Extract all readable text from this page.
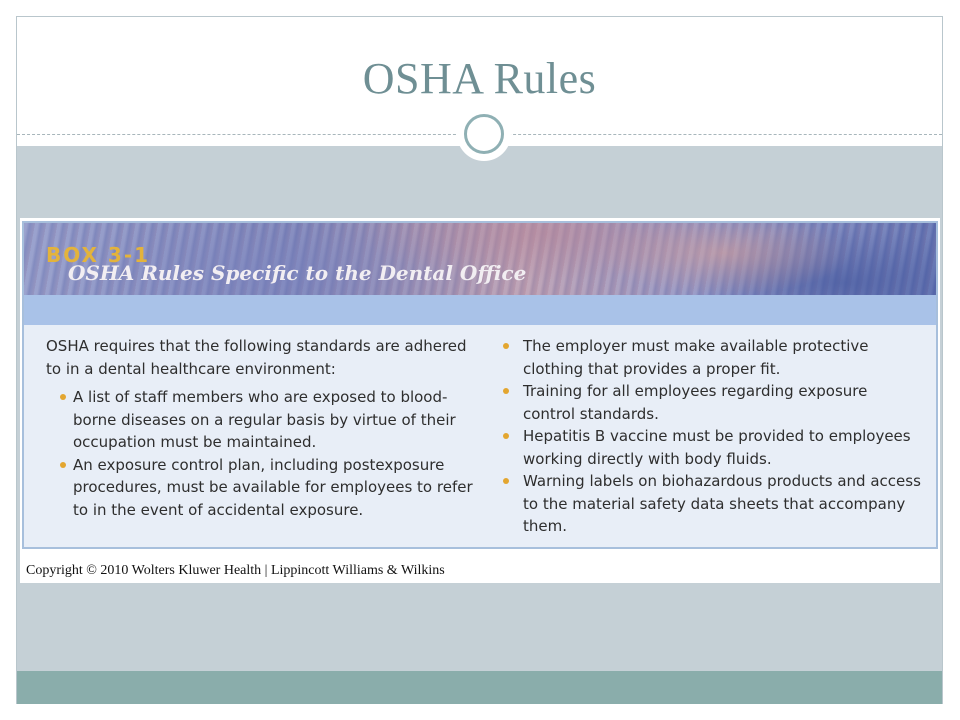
OSHA Rules
BOX 3-1
OSHA Rules Specific to the Dental Office

OSHA requires that the following standards are adhered to in a dental healthcare environment:

A list of staff members who are exposed to blood-borne diseases on a regular basis by virtue of their occupation must be maintained.
An exposure control plan, including postexposure procedures, must be available for employees to refer to in the event of accidental exposure.
The employer must make available protective clothing that provides a proper fit.
Training for all employees regarding exposure control standards.
Hepatitis B vaccine must be provided to employees working directly with body fluids.
Warning labels on biohazardous products and access to the material safety data sheets that accompany them.
Copyright © 2010 Wolters Kluwer Health | Lippincott Williams & Wilkins
